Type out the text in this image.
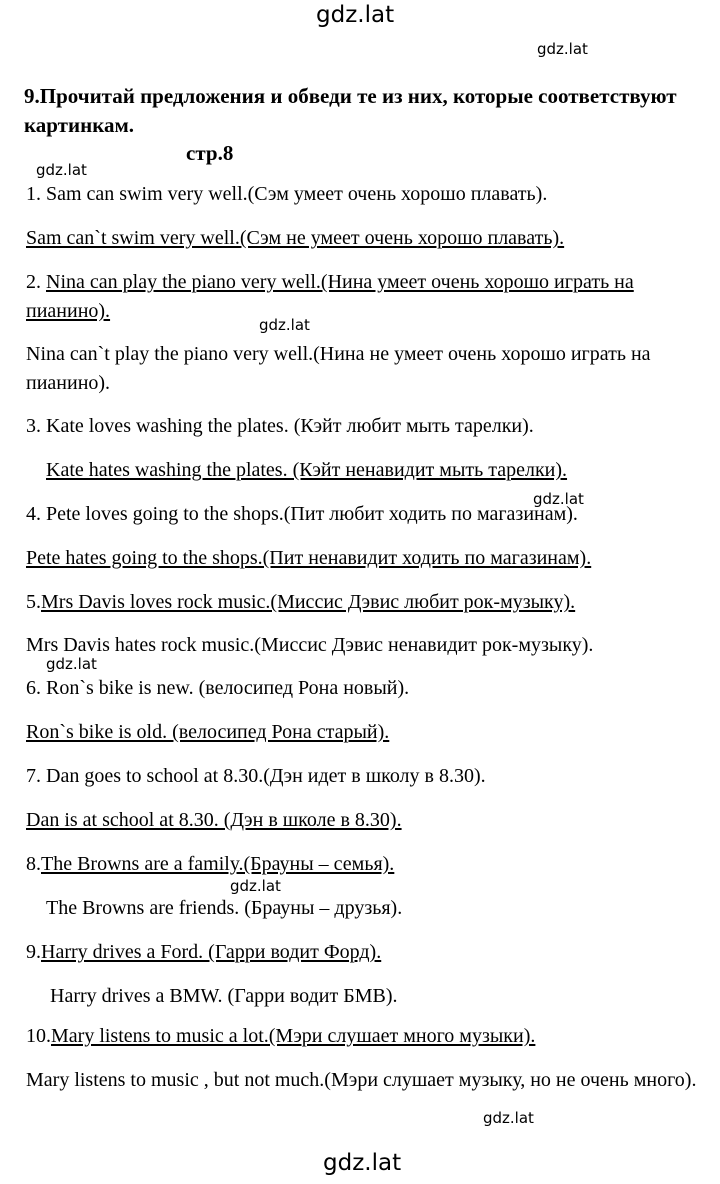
gdz.lat
gdz.lat
gdz.lat
gdz.lat
gdz.lat
gdz.lat
gdz.lat
gdz.lat
gdz.lat
9.Прочитай предложения и обведи те из них, которые соответствуют картинкам.
стр.8
1. Sam can swim very well.(Сэм умеет очень хорошо плавать).
Sam can`t swim very well.(Сэм не умеет очень хорошо плавать).
2. Nina can play the piano very well.(Нина умеет очень хорошо играть на пианино).
Nina can`t play the piano very well.(Нина не умеет очень хорошо играть на пианино).
3. Kate loves washing the plates. (Кэйт любит мыть тарелки).
Kate hates washing the plates. (Кэйт ненавидит мыть тарелки).
4. Pete loves going to the shops.(Пит любит ходить по магазинам).
Pete hates going to the shops.(Пит ненавидит ходить по магазинам).
5.Mrs Davis loves rock music.(Миссис Дэвис любит рок-музыку).
Mrs Davis hates rock music.(Миссис Дэвис ненавидит рок-музыку).
6. Ron`s bike is new. (велосипед Рона новый).
Ron`s bike is old. (велосипед Рона старый).
7. Dan goes to school at 8.30.(Дэн идет в школу в 8.30).
Dan is at school at 8.30. (Дэн в школе в 8.30).
8.The Browns are a family.(Брауны – семья).
The Browns are friends. (Брауны – друзья).
9.Harry drives a Ford. (Гарри водит Форд).
Harry drives a BMW. (Гарри водит БМВ).
10.Mary listens to music a lot.(Мэри слушает много музыки).
Mary listens to music , but not much.(Мэри слушает музыку, но не очень много).
